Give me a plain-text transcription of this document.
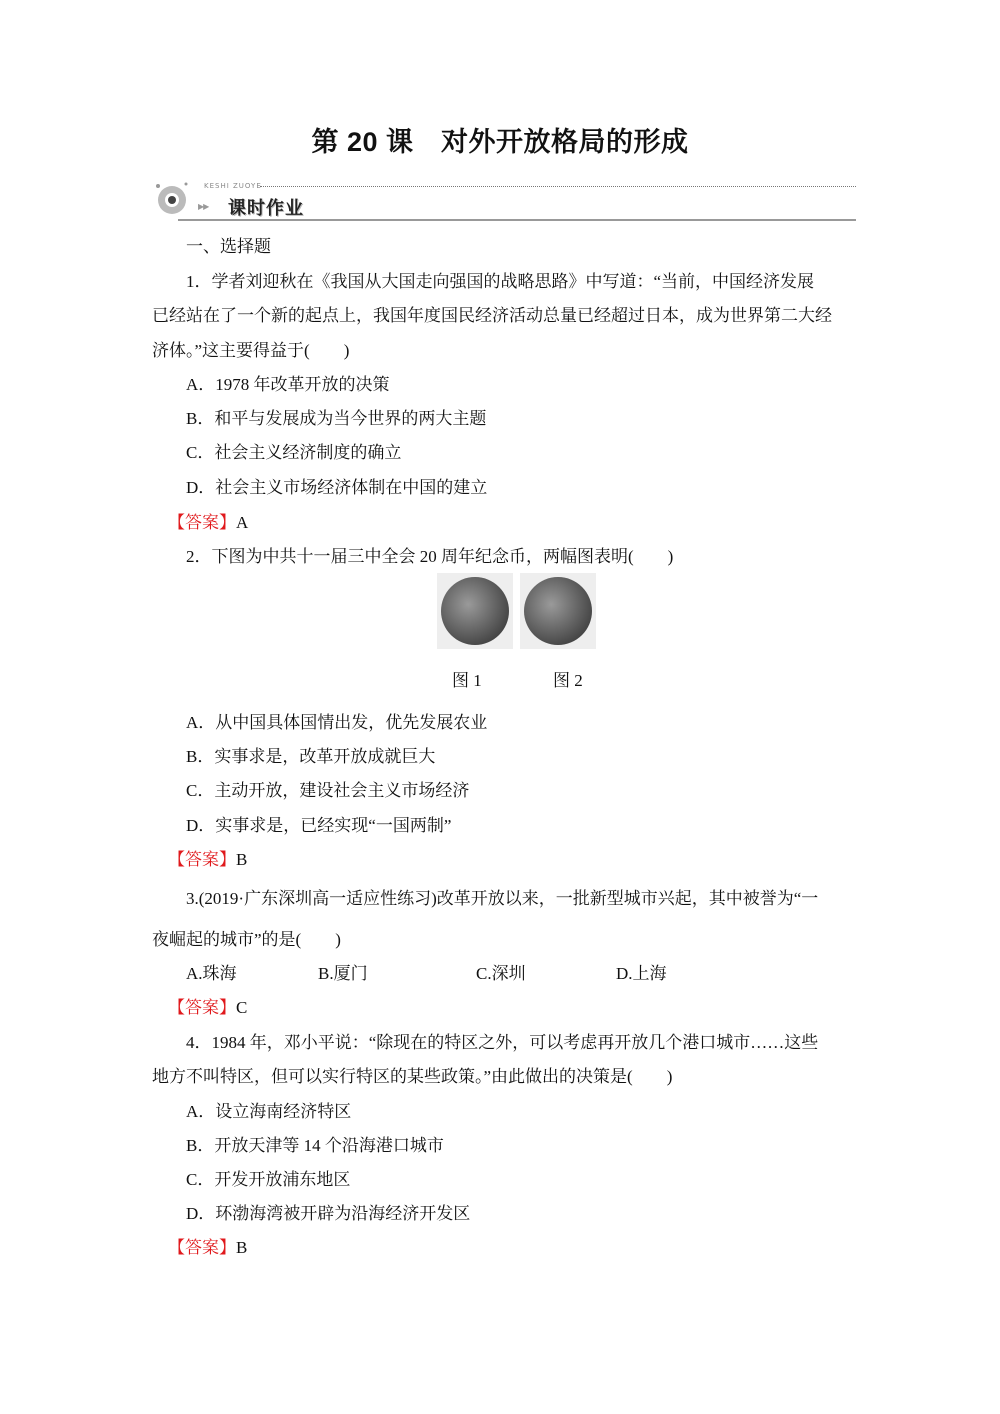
第 20 课　对外开放格局的形成
KESHI ZUOYE
▶▶ 课时作业
一、选择题
1．学者刘迎秋在《我国从大国走向强国的战略思路》中写道：“当前，中国经济发展
已经站在了一个新的起点上，我国年度国民经济活动总量已经超过日本，成为世界第二大经
济体。”这主要得益于(　　)
A．1978 年改革开放的决策
B．和平与发展成为当今世界的两大主题
C．社会主义经济制度的确立
D．社会主义市场经济体制在中国的建立
【答案】A
2．下图为中共十一届三中全会 20 周年纪念币，两幅图表明(　　)
图 1	图 2
A．从中国具体国情出发，优先发展农业
B．实事求是，改革开放成就巨大
C．主动开放，建设社会主义市场经济
D．实事求是，已经实现“一国两制”
【答案】B
3.(2019·广东深圳高一适应性练习)改革开放以来，一批新型城市兴起，其中被誉为“一
夜崛起的城市”的是(　　)
A.珠海	B.厦门	C.深圳	D.上海
【答案】C
4．1984 年，邓小平说：“除现在的特区之外，可以考虑再开放几个港口城市……这些
地方不叫特区，但可以实行特区的某些政策。”由此做出的决策是(　　)
A．设立海南经济特区
B．开放天津等 14 个沿海港口城市
C．开发开放浦东地区
D．环渤海湾被开辟为沿海经济开发区
【答案】B
